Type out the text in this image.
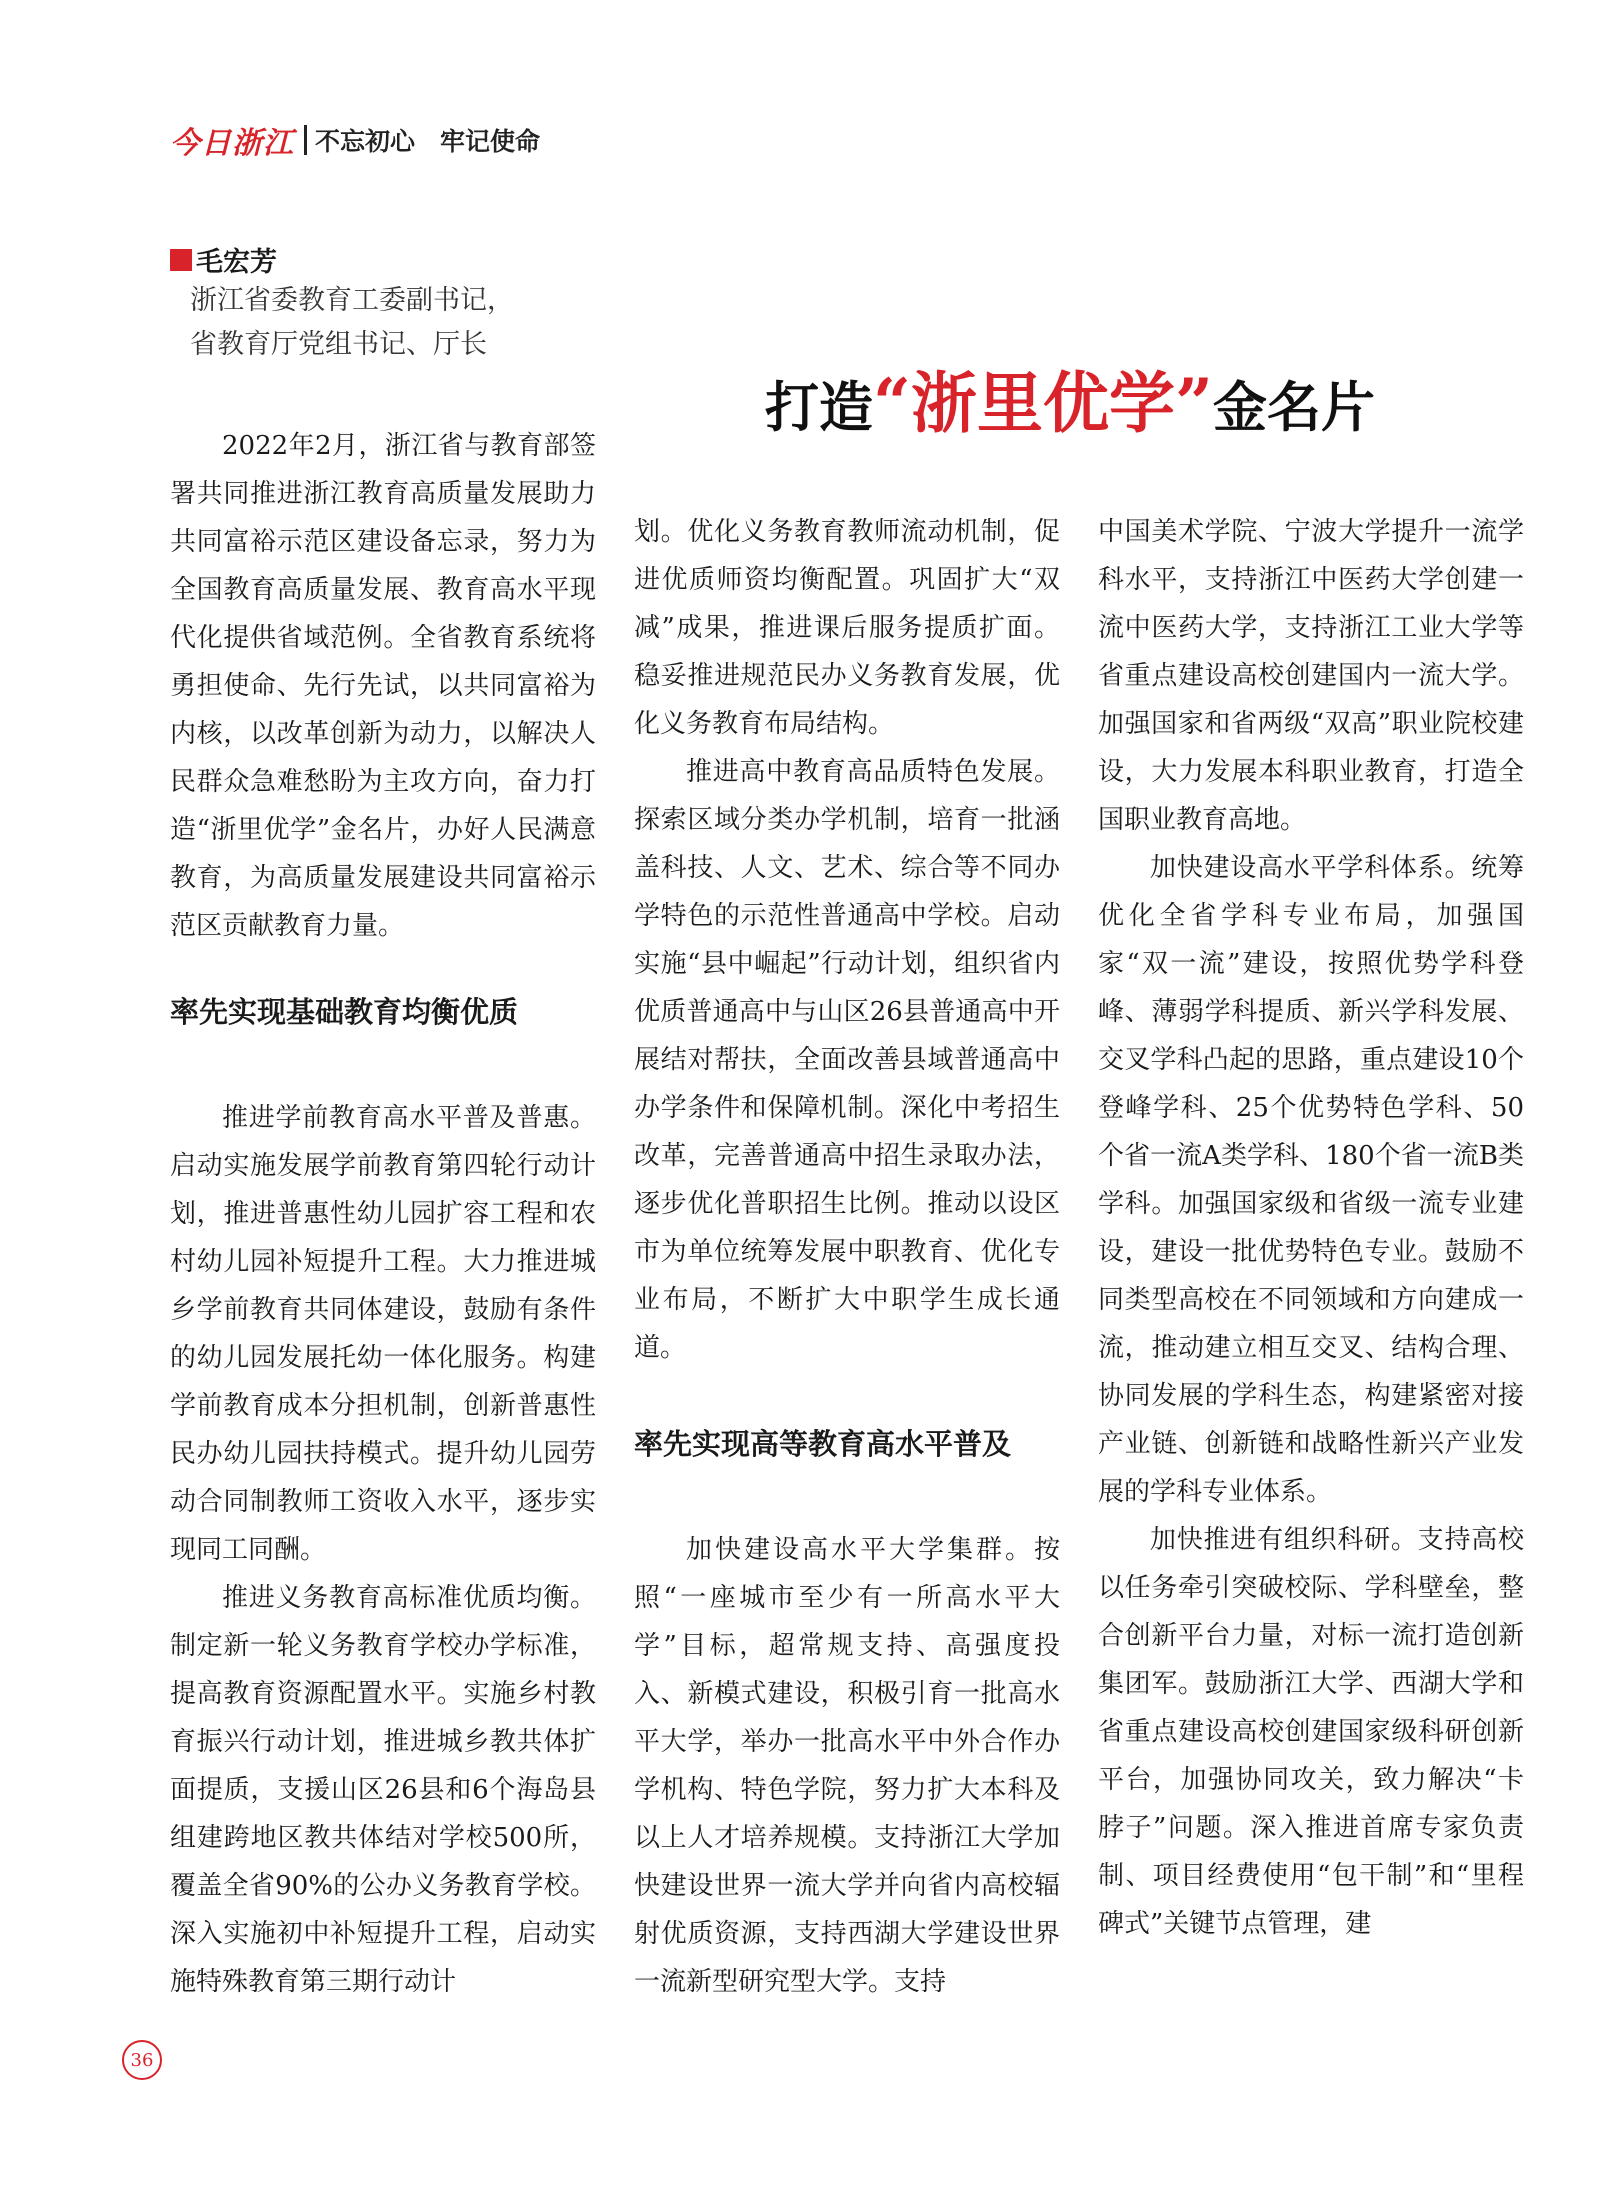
今日浙江 不忘初心　牢记使命
毛宏芳
浙江省委教育工委副书记，
省教育厅党组书记、厅长
打造“浙里优学”金名片

2022年2月，浙江省与教育部签署共同推进浙江教育高质量发展助力共同富裕示范区建设备忘录，努力为全国教育高质量发展、教育高水平现代化提供省域范例。全省教育系统将勇担使命、先行先试，以共同富裕为内核，以改革创新为动力，以解决人民群众急难愁盼为主攻方向，奋力打造“浙里优学”金名片，办好人民满意教育，为高质量发展建设共同富裕示范区贡献教育力量。

率先实现基础教育均衡优质

推进学前教育高水平普及普惠。启动实施发展学前教育第四轮行动计划，推进普惠性幼儿园扩容工程和农村幼儿园补短提升工程。大力推进城乡学前教育共同体建设，鼓励有条件的幼儿园发展托幼一体化服务。构建学前教育成本分担机制，创新普惠性民办幼儿园扶持模式。提升幼儿园劳动合同制教师工资收入水平，逐步实现同工同酬。

推进义务教育高标准优质均衡。制定新一轮义务教育学校办学标准，提高教育资源配置水平。实施乡村教育振兴行动计划，推进城乡教共体扩面提质，支援山区26县和6个海岛县组建跨地区教共体结对学校500所，覆盖全省90%的公办义务教育学校。深入实施初中补短提升工程，启动实施特殊教育第三期行动计

划。优化义务教育教师流动机制，促进优质师资均衡配置。巩固扩大“双减”成果，推进课后服务提质扩面。稳妥推进规范民办义务教育发展，优化义务教育布局结构。

推进高中教育高品质特色发展。探索区域分类办学机制，培育一批涵盖科技、人文、艺术、综合等不同办学特色的示范性普通高中学校。启动实施“县中崛起”行动计划，组织省内优质普通高中与山区26县普通高中开展结对帮扶，全面改善县域普通高中办学条件和保障机制。深化中考招生改革，完善普通高中招生录取办法，逐步优化普职招生比例。推动以设区市为单位统筹发展中职教育、优化专业布局，不断扩大中职学生成长通道。

率先实现高等教育高水平普及

加快建设高水平大学集群。按照“一座城市至少有一所高水平大学”目标，超常规支持、高强度投入、新模式建设，积极引育一批高水平大学，举办一批高水平中外合作办学机构、特色学院，努力扩大本科及以上人才培养规模。支持浙江大学加快建设世界一流大学并向省内高校辐射优质资源，支持西湖大学建设世界一流新型研究型大学。支持

中国美术学院、宁波大学提升一流学科水平，支持浙江中医药大学创建一流中医药大学，支持浙江工业大学等省重点建设高校创建国内一流大学。加强国家和省两级“双高”职业院校建设，大力发展本科职业教育，打造全国职业教育高地。

加快建设高水平学科体系。统筹优化全省学科专业布局，加强国家“双一流”建设，按照优势学科登峰、薄弱学科提质、新兴学科发展、交叉学科凸起的思路，重点建设10个登峰学科、25个优势特色学科、50个省一流A类学科、180个省一流B类学科。加强国家级和省级一流专业建设，建设一批优势特色专业。鼓励不同类型高校在不同领域和方向建成一流，推动建立相互交叉、结构合理、协同发展的学科生态，构建紧密对接产业链、创新链和战略性新兴产业发展的学科专业体系。

加快推进有组织科研。支持高校以任务牵引突破校际、学科壁垒，整合创新平台力量，对标一流打造创新集团军。鼓励浙江大学、西湖大学和省重点建设高校创建国家级科研创新平台，加强协同攻关，致力解决“卡脖子”问题。深入推进首席专家负责制、项目经费使用“包干制”和“里程碑式”关键节点管理，建

36
